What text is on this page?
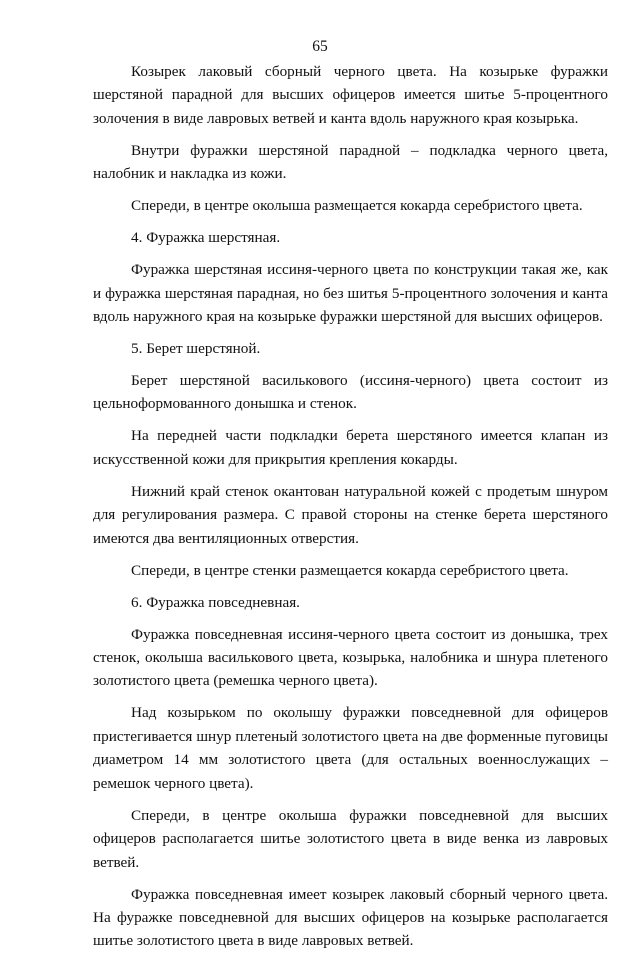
65

Козырек лаковый сборный черного цвета. На козырьке фуражки шерстяной парадной для высших офицеров имеется шитье 5-процентного золочения в виде лавровых ветвей и канта вдоль наружного края козырька.

Внутри фуражки шерстяной парадной – подкладка черного цвета, налобник и накладка из кожи.

Спереди, в центре околыша размещается кокарда серебристого цвета.

4. Фуражка шерстяная.

Фуражка шерстяная иссиня-черного цвета по конструкции такая же, как и фуражка шерстяная парадная, но без шитья 5-процентного золочения и канта вдоль наружного края на козырьке фуражки шерстяной для высших офицеров.

5. Берет шерстяной.

Берет шерстяной василькового (иссиня-черного) цвета состоит из цельноформованного донышка и стенок.

На передней части подкладки берета шерстяного имеется клапан из искусственной кожи для прикрытия крепления кокарды.

Нижний край стенок окантован натуральной кожей с продетым шнуром для регулирования размера. С правой стороны на стенке берета шерстяного имеются два вентиляционных отверстия.

Спереди, в центре стенки размещается кокарда серебристого цвета.

6. Фуражка повседневная.

Фуражка повседневная иссиня-черного цвета состоит из донышка, трех стенок, околыша василькового цвета, козырька, налобника и шнура плетеного золотистого цвета (ремешка черного цвета).

Над козырьком по околышу фуражки повседневной для офицеров пристегивается шнур плетеный золотистого цвета на две форменные пуговицы диаметром 14 мм золотистого цвета (для остальных военнослужащих – ремешок черного цвета).

Спереди, в центре околыша фуражки повседневной для высших офицеров располагается шитье золотистого цвета в виде венка из лавровых ветвей.

Фуражка повседневная имеет козырек лаковый сборный черного цвета. На фуражке повседневной для высших офицеров на козырьке располагается шитье золотистого цвета в виде лавровых ветвей.
